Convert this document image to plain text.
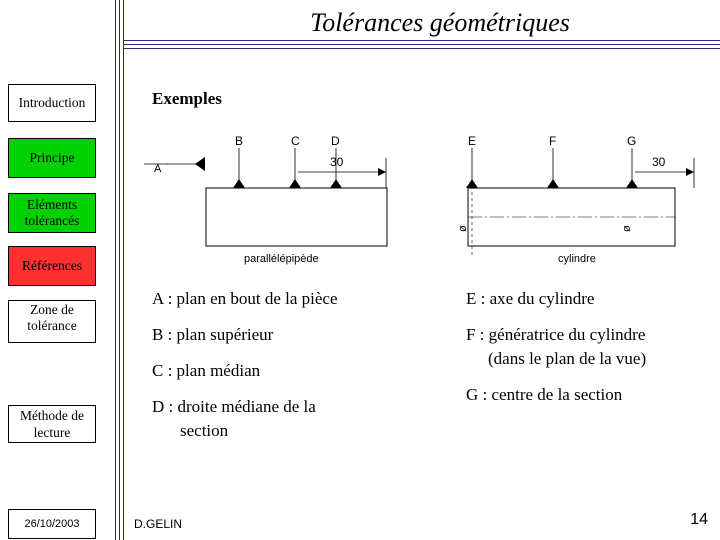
Tolérances géométriques
Introduction
Principe
Eléments tolérancés
Références
Zone de tolérance
Méthode de lecture
Exemples
A
B	C	D
30
parallélépipède
E	F	G
30
ø	ø
cylindre
A : plan en bout de la pièce
B : plan supérieur
C : plan médian
D : droite médiane de la
section
E : axe du cylindre
F : génératrice du cylindre
(dans le plan de la vue)
G : centre de la section
26/10/2003	D.GELIN	14
